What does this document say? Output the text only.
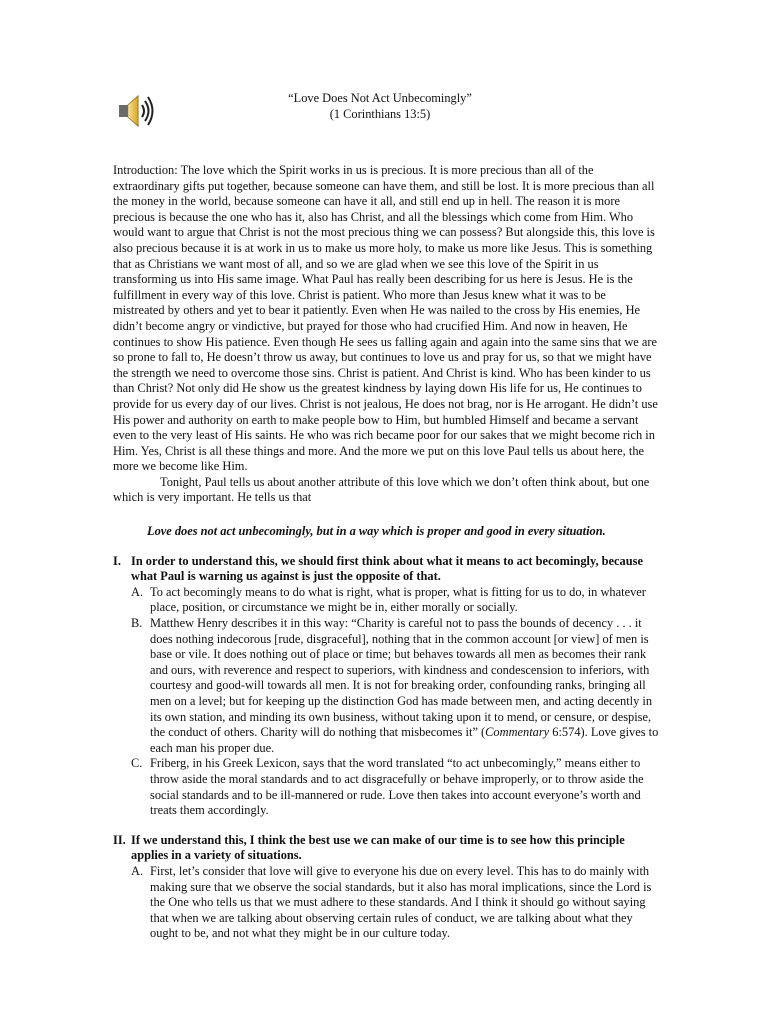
“Love Does Not Act Unbecomingly”
(1 Corinthians 13:5)

Introduction: The love which the Spirit works in us is precious. It is more precious than all of the extraordinary gifts put together, because someone can have them, and still be lost. It is more precious than all the money in the world, because someone can have it all, and still end up in hell. The reason it is more precious is because the one who has it, also has Christ, and all the blessings which come from Him. Who would want to argue that Christ is not the most precious thing we can possess? But alongside this, this love is also precious because it is at work in us to make us more holy, to make us more like Jesus. This is something that as Christians we want most of all, and so we are glad when we see this love of the Spirit in us transforming us into His same image. What Paul has really been describing for us here is Jesus. He is the fulfillment in every way of this love. Christ is patient. Who more than Jesus knew what it was to be mistreated by others and yet to bear it patiently. Even when He was nailed to the cross by His enemies, He didn’t become angry or vindictive, but prayed for those who had crucified Him. And now in heaven, He continues to show His patience. Even though He sees us falling again and again into the same sins that we are so prone to fall to, He doesn’t throw us away, but continues to love us and pray for us, so that we might have the strength we need to overcome those sins. Christ is patient. And Christ is kind. Who has been kinder to us than Christ? Not only did He show us the greatest kindness by laying down His life for us, He continues to provide for us every day of our lives. Christ is not jealous, He does not brag, nor is He arrogant. He didn’t use His power and authority on earth to make people bow to Him, but humbled Himself and became a servant even to the very least of His saints. He who was rich became poor for our sakes that we might become rich in Him. Yes, Christ is all these things and more. And the more we put on this love Paul tells us about here, the more we become like Him.

Tonight, Paul tells us about another attribute of this love which we don’t often think about, but one which is very important. He tells us that

Love does not act unbecomingly, but in a way which is proper and good in every situation.

I. In order to understand this, we should first think about what it means to act becomingly, because
what Paul is warning us against is just the opposite of that.
A. To act becomingly means to do what is right, what is proper, what is fitting for us to do, in whatever place, position, or circumstance we might be in, either morally or socially.
B. Matthew Henry describes it in this way: “Charity is careful not to pass the bounds of decency . . . it does nothing indecorous [rude, disgraceful], nothing that in the common account [or view] of men is base or vile. It does nothing out of place or time; but behaves towards all men as becomes their rank and ours, with reverence and respect to superiors, with kindness and condescension to inferiors, with courtesy and good-will towards all men. It is not for breaking order, confounding ranks, bringing all men on a level; but for keeping up the distinction God has made between men, and acting decently in its own station, and minding its own business, without taking upon it to mend, or censure, or despise, the conduct of others. Charity will do nothing that misbecomes it” (Commentary 6:574). Love gives to each man his proper due.
C. Friberg, in his Greek Lexicon, says that the word translated “to act unbecomingly,” means either to throw aside the moral standards and to act disgracefully or behave improperly, or to throw aside the social standards and to be ill-mannered or rude. Love then takes into account everyone’s worth and treats them accordingly.
II. If we understand this, I think the best use we can make of our time is to see how this principle
applies in a variety of situations.
A. First, let’s consider that love will give to everyone his due on every level. This has to do mainly with making sure that we observe the social standards, but it also has moral implications, since the Lord is the One who tells us that we must adhere to these standards. And I think it should go without saying that when we are talking about observing certain rules of conduct, we are talking about what they ought to be, and not what they might be in our culture today.
